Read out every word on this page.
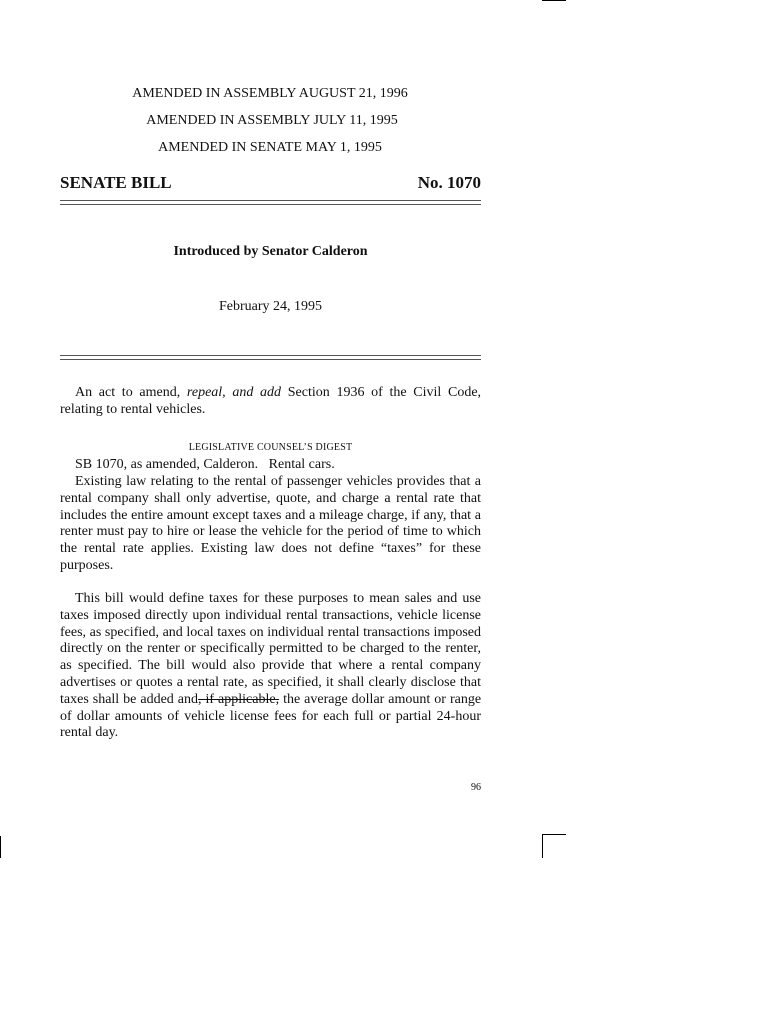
AMENDED IN ASSEMBLY AUGUST 21, 1996
AMENDED IN ASSEMBLY JULY 11, 1995
AMENDED IN SENATE MAY 1, 1995
SENATE BILL	No. 1070
Introduced by Senator Calderon
February 24, 1995
An act to amend, repeal, and add Section 1936 of the Civil Code, relating to rental vehicles.
LEGISLATIVE COUNSEL’S DIGEST
SB 1070, as amended, Calderon. Rental cars.
Existing law relating to the rental of passenger vehicles provides that a rental company shall only advertise, quote, and charge a rental rate that includes the entire amount except taxes and a mileage charge, if any, that a renter must pay to hire or lease the vehicle for the period of time to which the rental rate applies. Existing law does not define “taxes” for these purposes.
This bill would define taxes for these purposes to mean sales and use taxes imposed directly upon individual rental transactions, vehicle license fees, as specified, and local taxes on individual rental transactions imposed directly on the renter or specifically permitted to be charged to the renter, as specified. The bill would also provide that where a rental company advertises or quotes a rental rate, as specified, it shall clearly disclose that taxes shall be added and, if applicable, the average dollar amount or range of dollar amounts of vehicle license fees for each full or partial 24-hour rental day.
96
